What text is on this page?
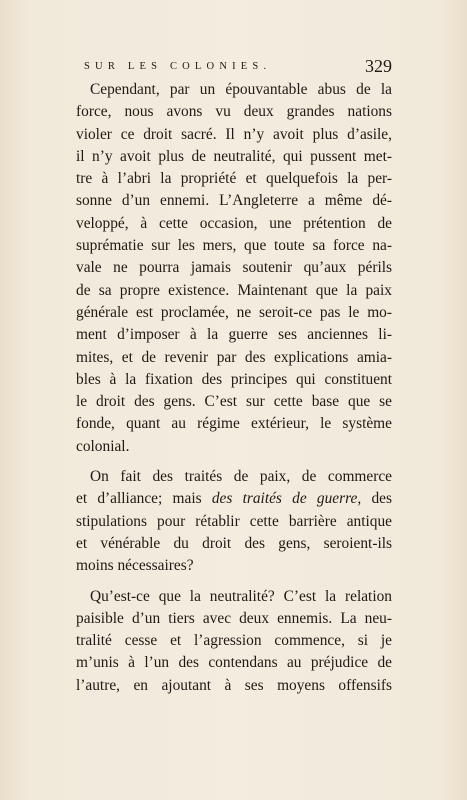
SUR LES COLONIES.	329

Cependant, par un épouvantable abus de la
force, nous avons vu deux grandes nations
violer ce droit sacré. Il n’y avoit plus d’asile,
il n’y avoit plus de neutralité, qui pussent met-
tre à l’abri la propriété et quelquefois la per-
sonne d’un ennemi. L’Angleterre a même dé-
veloppé, à cette occasion, une prétention de
suprématie sur les mers, que toute sa force na-
vale ne pourra jamais soutenir qu’aux périls
de sa propre existence. Maintenant que la paix
générale est proclamée, ne seroit-ce pas le mo-
ment d’imposer à la guerre ses anciennes li-
mites, et de revenir par des explications amia-
bles à la fixation des principes qui constituent
le droit des gens. C’est sur cette base que se
fonde, quant au régime extérieur, le système
colonial.

On fait des traités de paix, de commerce
et d’alliance; mais des traités de guerre, des
stipulations pour rétablir cette barrière antique
et vénérable du droit des gens, seroient-ils
moins nécessaires?

Qu’est-ce que la neutralité? C’est la relation
paisible d’un tiers avec deux ennemis. La neu-
tralité cesse et l’agression commence, si je
m’unis à l’un des contendans au préjudice de
l’autre, en ajoutant à ses moyens offensifs
